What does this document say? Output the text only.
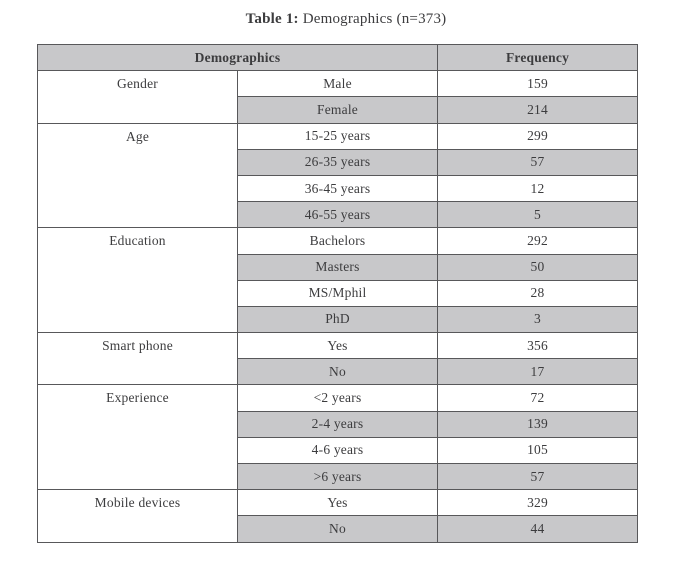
Table 1: Demographics (n=373)
Demographics		Frequency

Gender	Male	159
	Female	214

Age	15-25 years	299
	26-35 years	57
	36-45 years	12
	46-55 years	5

Education	Bachelors	292
	Masters	50
	MS/Mphil	28
	PhD	3

Smart phone	Yes	356
	No	17

Experience	<2 years	72
	2-4 years	139
	4-6 years	105
	>6 years	57

Mobile devices	Yes	329
	No	44
